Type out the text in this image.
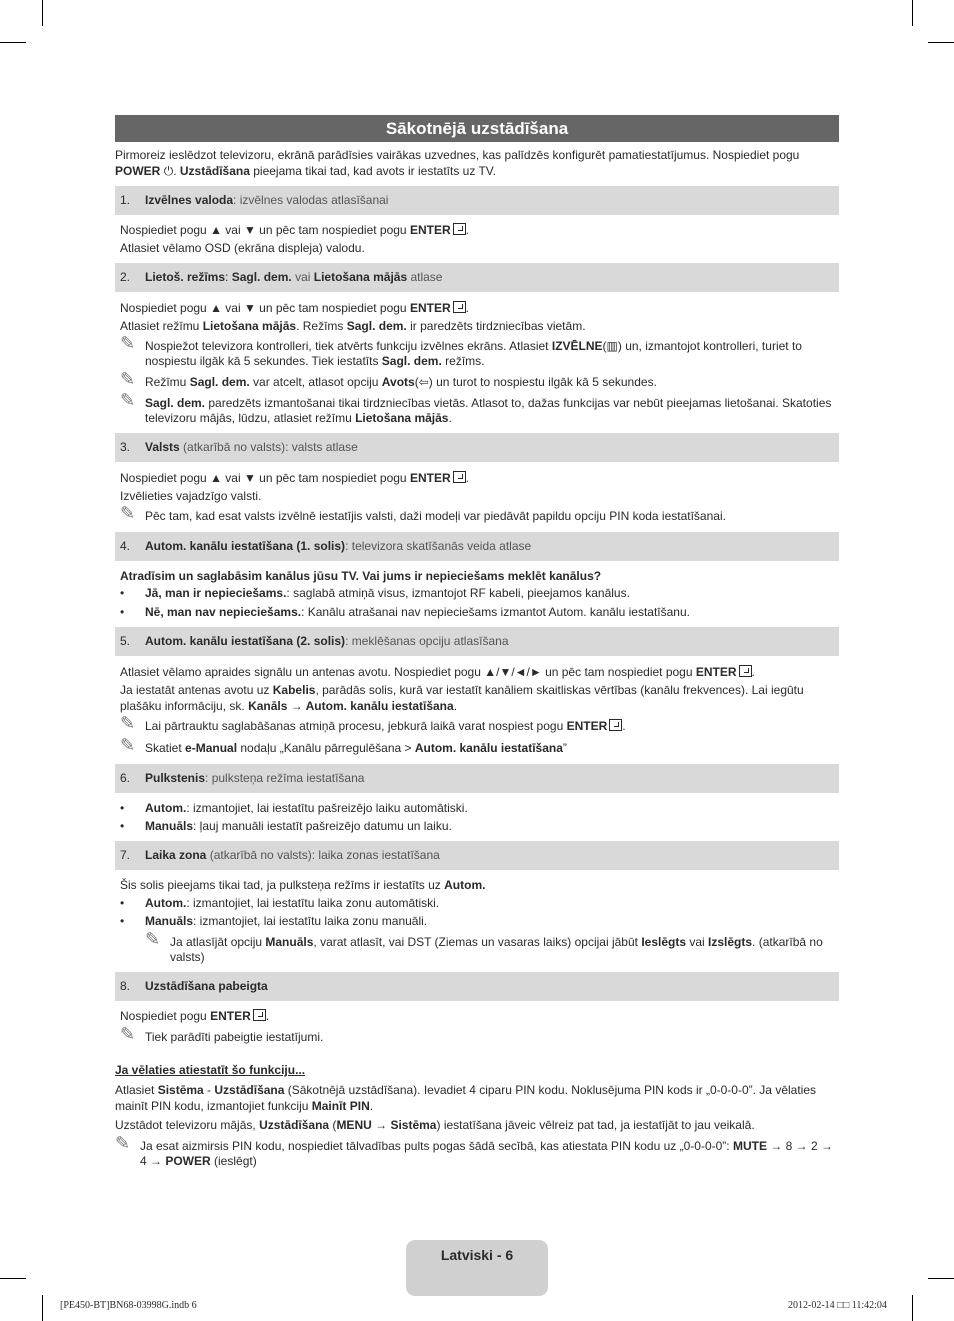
Sākotnējā uzstādīšana
Pirmoreiz ieslēdzot televizoru, ekrānā parādīsies vairākas uzvednes, kas palīdzēs konfigurēt pamatiestatījumus. Nospiediet pogu
POWER ⏻. Uzstādīšana pieejama tikai tad, kad avots ir iestatīts uz TV.
1. Izvēlnes valoda: izvēlnes valodas atlasīšanai
Nospiediet pogu ▲ vai ▼ un pēc tam nospiediet pogu ENTER .
Atlasiet vēlamo OSD (ekrāna displeja) valodu.
2. Lietoš. režīms: Sagl. dem. vai Lietošana mājās atlase
Nospiediet pogu ▲ vai ▼ un pēc tam nospiediet pogu ENTER .
Atlasiet režīmu Lietošana mājās. Režīms Sagl. dem. ir paredzēts tirdzniecības vietām.
✎ Nospiežot televizora kontrolleri, tiek atvērts funkciju izvēlnes ekrāns. Atlasiet IZVĒLNE(▥) un, izmantojot kontrolleri, turiet to nospiestu ilgāk kā 5 sekundes. Tiek iestatīts Sagl. dem. režīms.
✎ Režīmu Sagl. dem. var atcelt, atlasot opciju Avots(⇦) un turot to nospiestu ilgāk kā 5 sekundes.
✎ Sagl. dem. paredzēts izmantošanai tikai tirdzniecības vietās. Atlasot to, dažas funkcijas var nebūt pieejamas lietošanai. Skatoties televizoru mājās, lūdzu, atlasiet režīmu Lietošana mājās.
3. Valsts (atkarībā no valsts): valsts atlase
Nospiediet pogu ▲ vai ▼ un pēc tam nospiediet pogu ENTER .
Izvēlieties vajadzīgo valsti.
✎ Pēc tam, kad esat valsts izvēlnē iestatījis valsti, daži modeļi var piedāvāt papildu opciju PIN koda iestatīšanai.
4. Autom. kanālu iestatīšana (1. solis): televizora skatīšanās veida atlase
Atradīsim un saglabāsim kanālus jūsu TV. Vai jums ir nepieciešams meklēt kanālus?
• Jā, man ir nepieciešams.: saglabā atmiņā visus, izmantojot RF kabeli, pieejamos kanālus.
• Nē, man nav nepieciešams.: Kanālu atrašanai nav nepieciešams izmantot Autom. kanālu iestatīšanu.
5. Autom. kanālu iestatīšana (2. solis): meklēšanas opciju atlasīšana
Atlasiet vēlamo apraides signālu un antenas avotu. Nospiediet pogu ▲/▼/◄/► un pēc tam nospiediet pogu ENTER .
Ja iestatāt antenas avotu uz Kabelis, parādās solis, kurā var iestatīt kanāliem skaitliskas vērtības (kanālu frekvences). Lai iegūtu plašāku informāciju, sk. Kanāls → Autom. kanālu iestatīšana.
✎ Lai pārtrauktu saglabāšanas atmiņā procesu, jebkurā laikā varat nospiest pogu ENTER .
✎ Skatiet e-Manual nodaļu „Kanālu pārregulēšana > Autom. kanālu iestatīšana”
6. Pulkstenis: pulksteņa režīma iestatīšana
• Autom.: izmantojiet, lai iestatītu pašreizējo laiku automātiski.
• Manuāls: ļauj manuāli iestatīt pašreizējo datumu un laiku.
7. Laika zona (atkarībā no valsts): laika zonas iestatīšana
Šis solis pieejams tikai tad, ja pulksteņa režīms ir iestatīts uz Autom.
• Autom.: izmantojiet, lai iestatītu laika zonu automātiski.
• Manuāls: izmantojiet, lai iestatītu laika zonu manuāli.
✎ Ja atlasījāt opciju Manuāls, varat atlasīt, vai DST (Ziemas un vasaras laiks) opcijai jābūt Ieslēgts vai Izslēgts. (atkarībā no valsts)
8. Uzstādīšana pabeigta
Nospiediet pogu ENTER .
✎ Tiek parādīti pabeigtie iestatījumi.
Ja vēlaties atiestatīt šo funkciju...
Atlasiet Sistēma - Uzstādīšana (Sākotnējā uzstādīšana). Ievadiet 4 ciparu PIN kodu. Noklusējuma PIN kods ir „0-0-0-0”. Ja vēlaties mainīt PIN kodu, izmantojiet funkciju Mainīt PIN.
Uzstādot televizoru mājās, Uzstādīšana (MENU → Sistēma) iestatīšana jāveic vēlreiz pat tad, ja iestatījāt to jau veikalā.
✎ Ja esat aizmirsis PIN kodu, nospiediet tālvadības pults pogas šādā secībā, kas atiestata PIN kodu uz „0-0-0-0”: MUTE → 8 → 2 → 4 → POWER (ieslēgt)
Latviski - 6
[PE450-BT]BN68-03998G.indb 6	2012-02-14 □□ 11:42:04
